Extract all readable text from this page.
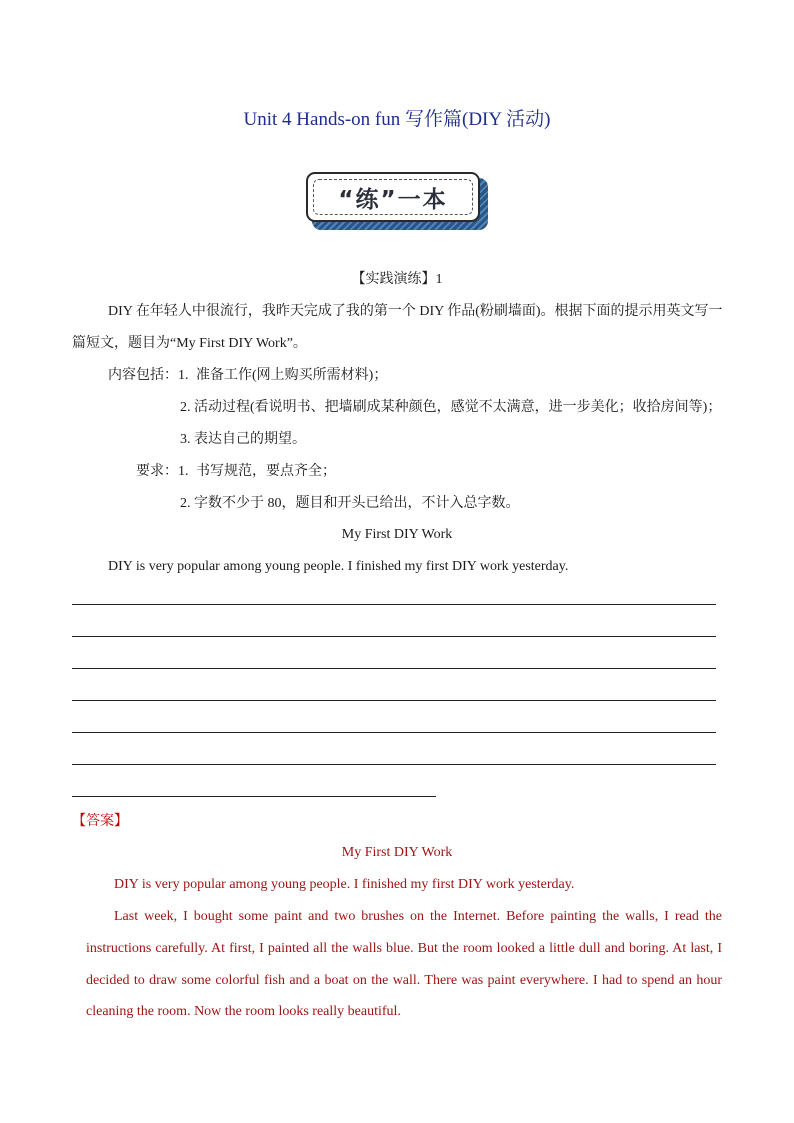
Unit 4 Hands-on fun 写作篇(DIY 活动)
“练”一本
【实践演练】1
DIY 在年轻人中很流行，我昨天完成了我的第一个 DIY 作品(粉刷墙面)。根据下面的提示用英文写一
篇短文，题目为“My First DIY Work”。
内容包括：1. 准备工作(网上购买所需材料)；
2. 活动过程(看说明书、把墙刷成某种颜色，感觉不太满意，进一步美化；收拾房间等)；
3. 表达自己的期望。
要求：1. 书写规范，要点齐全；
2. 字数不少于 80，题目和开头已给出，不计入总字数。
My First DIY Work
DIY is very popular among young people. I finished my first DIY work yesterday.
【答案】
My First DIY Work
DIY is very popular among young people. I finished my first DIY work yesterday.
Last week, I bought some paint and two brushes on the Internet. Before painting the walls, I read the
instructions carefully. At first, I painted all the walls blue. But the room looked a little dull and boring. At last, I
decided to draw some colorful fish and a boat on the wall. There was paint everywhere. I had to spend an hour
cleaning the room. Now the room looks really beautiful.
